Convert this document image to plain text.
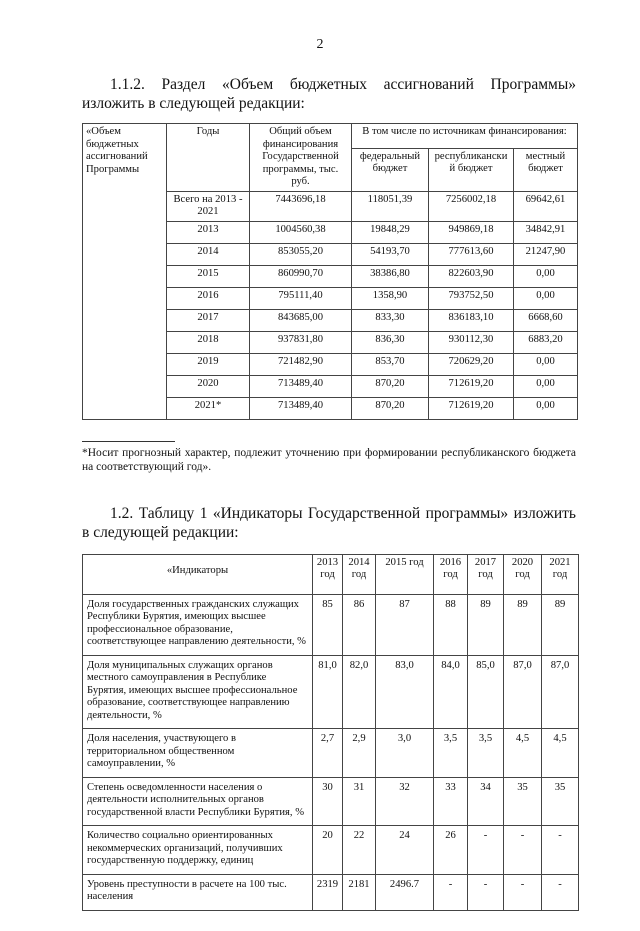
2
1.1.2. Раздел «Объем бюджетных ассигнований Программы» изложить в следующей редакции:
«Объем бюджетных ассигнований Программы	Годы	Общий объем финансирования Государственной программы, тыс. руб.	В том числе по источникам финансирования:		
			федеральный бюджет	республиканский бюджет	местный бюджет
	Всего на 2013 - 2021	7443696,18	118051,39	7256002,18	69642,61
	2013	1004560,38	19848,29	949869,18	34842,91
	2014	853055,20	54193,70	777613,60	21247,90
	2015	860990,70	38386,80	822603,90	0,00
	2016	795111,40	1358,90	793752,50	0,00
	2017	843685,00	833,30	836183,10	6668,60
	2018	937831,80	836,30	930112,30	6883,20
	2019	721482,90	853,70	720629,20	0,00
	2020	713489,40	870,20	712619,20	0,00
	2021*	713489,40	870,20	712619,20	0,00
*Носит прогнозный характер, подлежит уточнению при формировании республиканского бюджета на соответствующий год».
1.2. Таблицу 1 «Индикаторы Государственной программы» изложить в следующей редакции:
«Индикаторы	2013 год	2014 год	2015 год	2016 год	2017 год	2020 год	2021 год
Доля государственных гражданских служащих Республики Бурятия, имеющих высшее профессиональное образование, соответствующее направлению деятельности, %	85	86	87	88	89	89	89
Доля муниципальных служащих органов местного самоуправления в Республике Бурятия, имеющих высшее профессиональное образование, соответствующее направлению деятельности, %	81,0	82,0	83,0	84,0	85,0	87,0	87,0
Доля населения, участвующего в территориальном общественном самоуправлении, %	2,7	2,9	3,0	3,5	3,5	4,5	4,5
Степень осведомленности населения о деятельности исполнительных органов государственной власти Республики Бурятия, %	30	31	32	33	34	35	35
Количество социально ориентированных некоммерческих организаций, получивших государственную поддержку, единиц	20	22	24	26	-	-	-
Уровень преступности в расчете на 100 тыс. населения	2319	2181	2496.7	-	-	-	-
